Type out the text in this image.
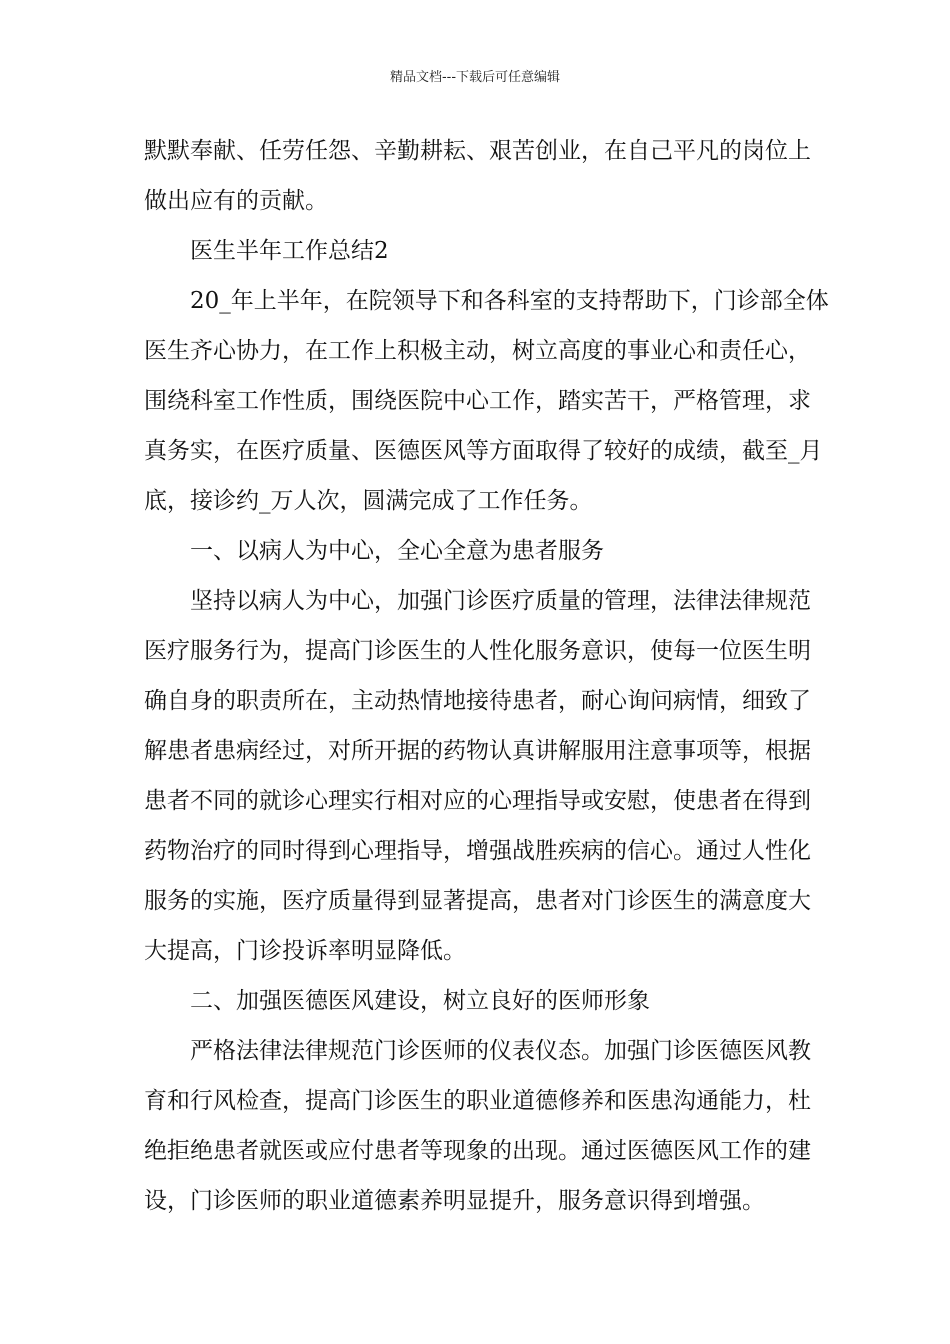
精品文档---下载后可任意编辑
默默奉献、任劳任怨、辛勤耕耘、艰苦创业，在自己平凡的岗位上
做出应有的贡献。
医生半年工作总结2
20_年上半年，在院领导下和各科室的支持帮助下，门诊部全体
医生齐心协力，在工作上积极主动，树立高度的事业心和责任心，
围绕科室工作性质，围绕医院中心工作，踏实苦干，严格管理，求
真务实，在医疗质量、医德医风等方面取得了较好的成绩，截至_月
底，接诊约_万人次，圆满完成了工作任务。
一、以病人为中心，全心全意为患者服务
坚持以病人为中心，加强门诊医疗质量的管理，法律法律规范
医疗服务行为，提高门诊医生的人性化服务意识，使每一位医生明
确自身的职责所在，主动热情地接待患者，耐心询问病情，细致了
解患者患病经过，对所开据的药物认真讲解服用注意事项等，根据
患者不同的就诊心理实行相对应的心理指导或安慰，使患者在得到
药物治疗的同时得到心理指导，增强战胜疾病的信心。通过人性化
服务的实施，医疗质量得到显著提高，患者对门诊医生的满意度大
大提高，门诊投诉率明显降低。
二、加强医德医风建设，树立良好的医师形象
严格法律法律规范门诊医师的仪表仪态。加强门诊医德医风教
育和行风检查，提高门诊医生的职业道德修养和医患沟通能力，杜
绝拒绝患者就医或应付患者等现象的出现。通过医德医风工作的建
设，门诊医师的职业道德素养明显提升，服务意识得到增强。
